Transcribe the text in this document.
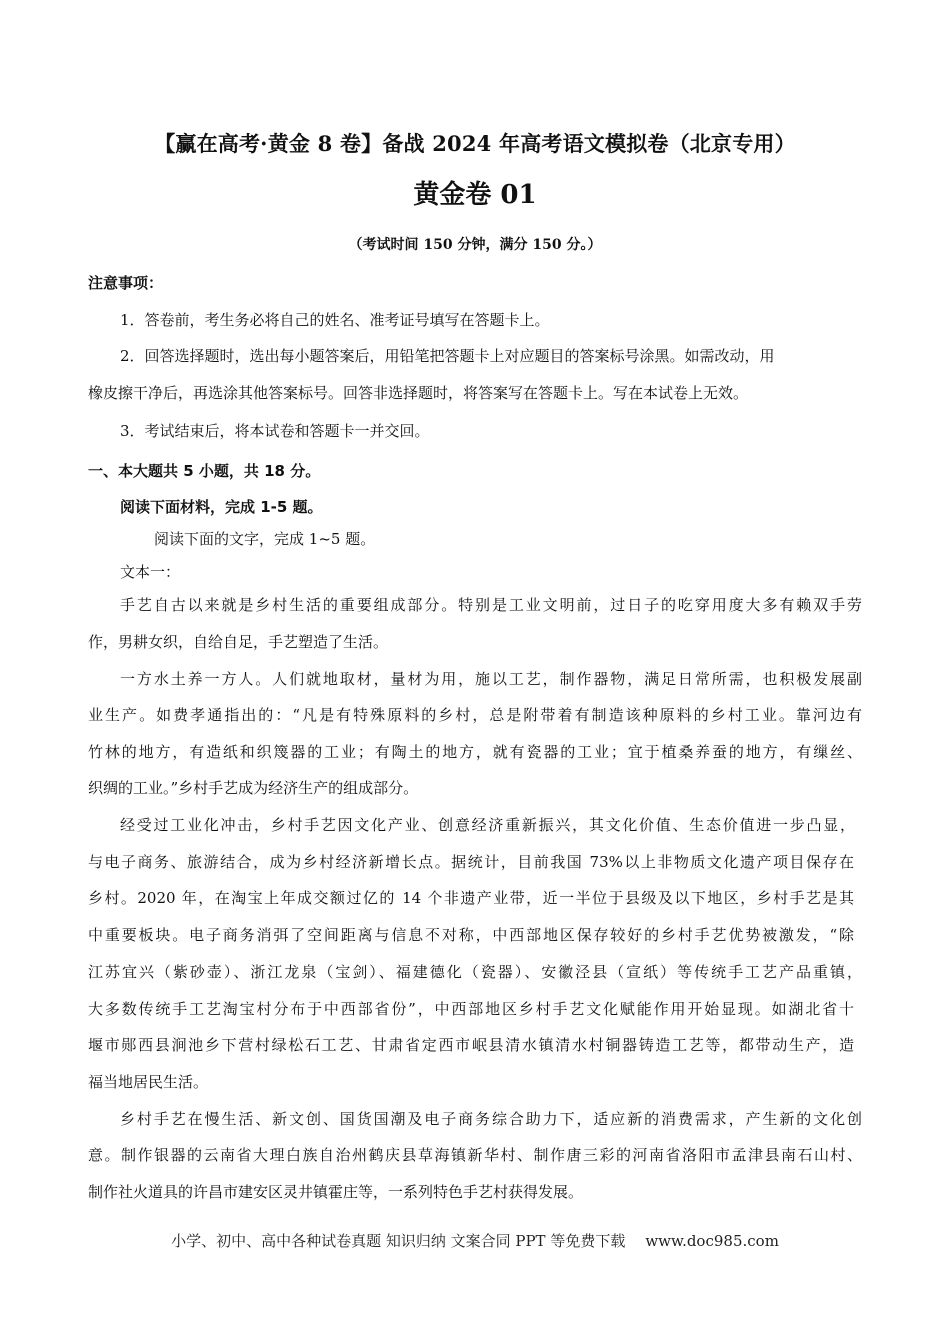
【赢在高考·黄金 8 卷】备战 2024 年高考语文模拟卷（北京专用）
黄金卷 01
（考试时间 150 分钟，满分 150 分。）
注意事项：
1．答卷前，考生务必将自己的姓名、准考证号填写在答题卡上。
2．回答选择题时，选出每小题答案后，用铅笔把答题卡上对应题目的答案标号涂黑。如需改动，用
橡皮擦干净后，再选涂其他答案标号。回答非选择题时，将答案写在答题卡上。写在本试卷上无效。
3．考试结束后，将本试卷和答题卡一并交回。
一、本大题共 5 小题，共 18 分。
阅读下面材料，完成 1-5 题。
阅读下面的文字，完成 1~5 题。
文本一：
手艺自古以来就是乡村生活的重要组成部分。特别是工业文明前，过日子的吃穿用度大多有赖双手劳
作，男耕女织，自给自足，手艺塑造了生活。
一方水土养一方人。人们就地取材，量材为用，施以工艺，制作器物，满足日常所需，也积极发展副
业生产。如费孝通指出的：“凡是有特殊原料的乡村，总是附带着有制造该种原料的乡村工业。靠河边有
竹林的地方，有造纸和织篾器的工业；有陶土的地方，就有瓷器的工业；宜于植桑养蚕的地方，有缫丝、
织绸的工业。”乡村手艺成为经济生产的组成部分。
经受过工业化冲击，乡村手艺因文化产业、创意经济重新振兴，其文化价值、生态价值进一步凸显，
与电子商务、旅游结合，成为乡村经济新增长点。据统计，目前我国 73%以上非物质文化遗产项目保存在
乡村。2020 年，在淘宝上年成交额过亿的 14 个非遗产业带，近一半位于县级及以下地区，乡村手艺是其
中重要板块。电子商务消弭了空间距离与信息不对称，中西部地区保存较好的乡村手艺优势被激发，“除
江苏宜兴（紫砂壶）、浙江龙泉（宝剑）、福建德化（瓷器）、安徽泾县（宣纸）等传统手工艺产品重镇，
大多数传统手工艺淘宝村分布于中西部省份”，中西部地区乡村手艺文化赋能作用开始显现。如湖北省十
堰市郧西县涧池乡下营村绿松石工艺、甘肃省定西市岷县清水镇清水村铜器铸造工艺等，都带动生产，造
福当地居民生活。
乡村手艺在慢生活、新文创、国货国潮及电子商务综合助力下，适应新的消费需求，产生新的文化创
意。制作银器的云南省大理白族自治州鹤庆县草海镇新华村、制作唐三彩的河南省洛阳市孟津县南石山村、
制作社火道具的许昌市建安区灵井镇霍庄等，一系列特色手艺村获得发展。
小学、初中、高中各种试卷真题 知识归纳 文案合同 PPT 等免费下载 www.doc985.com
